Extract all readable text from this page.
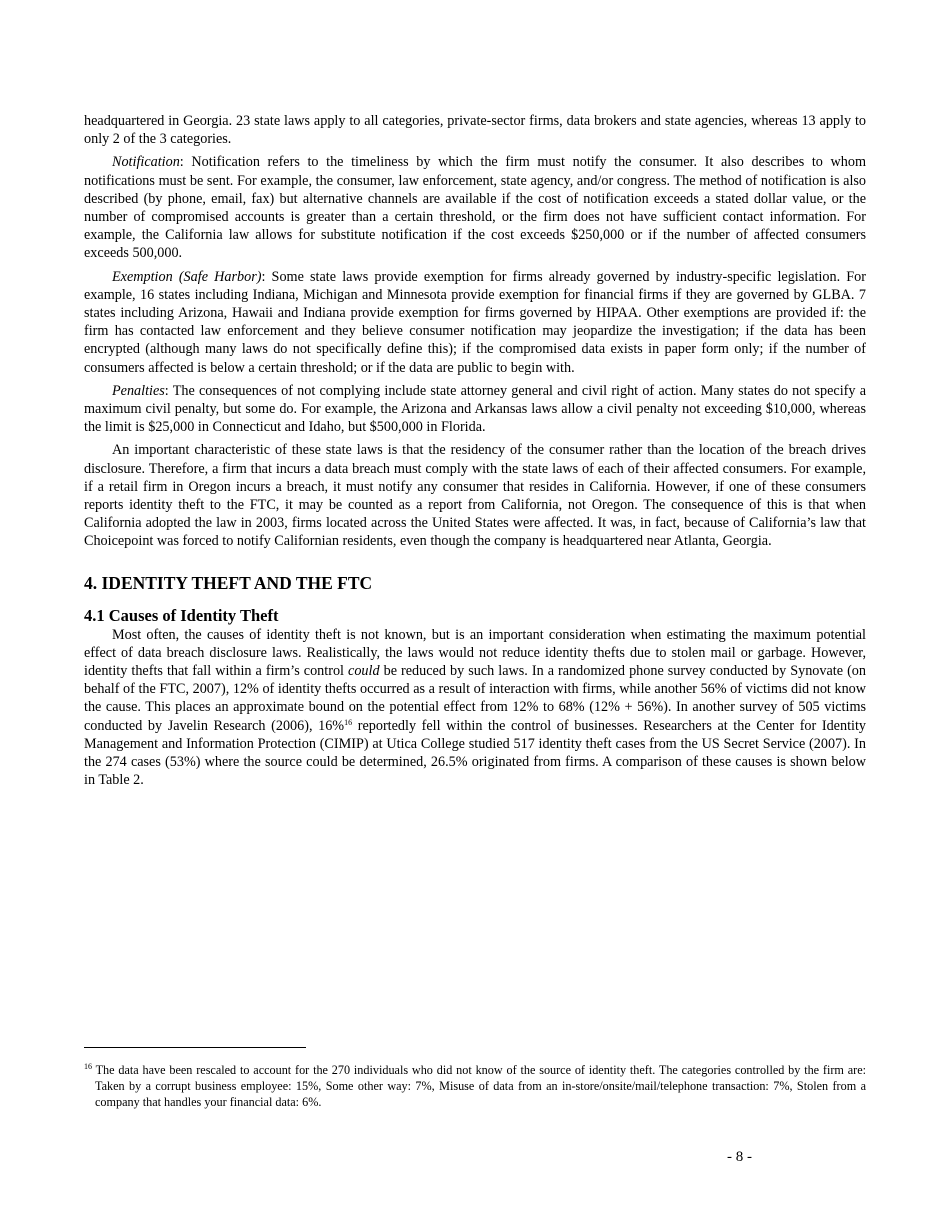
headquartered in Georgia. 23 state laws apply to all categories, private-sector firms, data brokers and state agencies, whereas 13 apply to only 2 of the 3 categories.

Notification: Notification refers to the timeliness by which the firm must notify the consumer. It also describes to whom notifications must be sent. For example, the consumer, law enforcement, state agency, and/or congress. The method of notification is also described (by phone, email, fax) but alternative channels are available if the cost of notification exceeds a stated dollar value, or the number of compromised accounts is greater than a certain threshold, or the firm does not have sufficient contact information. For example, the California law allows for substitute notification if the cost exceeds $250,000 or if the number of affected consumers exceeds 500,000.

Exemption (Safe Harbor): Some state laws provide exemption for firms already governed by industry-specific legislation. For example, 16 states including Indiana, Michigan and Minnesota provide exemption for financial firms if they are governed by GLBA. 7 states including Arizona, Hawaii and Indiana provide exemption for firms governed by HIPAA. Other exemptions are provided if: the firm has contacted law enforcement and they believe consumer notification may jeopardize the investigation; if the data has been encrypted (although many laws do not specifically define this); if the compromised data exists in paper form only; if the number of consumers affected is below a certain threshold; or if the data are public to begin with.

Penalties: The consequences of not complying include state attorney general and civil right of action. Many states do not specify a maximum civil penalty, but some do. For example, the Arizona and Arkansas laws allow a civil penalty not exceeding $10,000, whereas the limit is $25,000 in Connecticut and Idaho, but $500,000 in Florida.

An important characteristic of these state laws is that the residency of the consumer rather than the location of the breach drives disclosure. Therefore, a firm that incurs a data breach must comply with the state laws of each of their affected consumers. For example, if a retail firm in Oregon incurs a breach, it must notify any consumer that resides in California. However, if one of these consumers reports identity theft to the FTC, it may be counted as a report from California, not Oregon. The consequence of this is that when California adopted the law in 2003, firms located across the United States were affected. It was, in fact, because of California’s law that Choicepoint was forced to notify Californian residents, even though the company is headquartered near Atlanta, Georgia.

4. IDENTITY THEFT AND THE FTC
4.1 Causes of Identity Theft

Most often, the causes of identity theft is not known, but is an important consideration when estimating the maximum potential effect of data breach disclosure laws. Realistically, the laws would not reduce identity thefts due to stolen mail or garbage. However, identity thefts that fall within a firm’s control could be reduced by such laws. In a randomized phone survey conducted by Synovate (on behalf of the FTC, 2007), 12% of identity thefts occurred as a result of interaction with firms, while another 56% of victims did not know the cause. This places an approximate bound on the potential effect from 12% to 68% (12% + 56%). In another survey of 505 victims conducted by Javelin Research (2006), 16%$^{16}$ reportedly fell within the control of businesses. Researchers at the Center for Identity Management and Information Protection (CIMIP) at Utica College studied 517 identity theft cases from the US Secret Service (2007). In the 274 cases (53%) where the source could be determined, 26.5% originated from firms. A comparison of these causes is shown below in Table 2.

$^{16}$ The data have been rescaled to account for the 270 individuals who did not know of the source of identity theft. The categories controlled by the firm are: Taken by a corrupt business employee: 15%, Some other way: 7%, Misuse of data from an in-store/onsite/mail/telephone transaction: 7%, Stolen from a company that handles your financial data: 6%.

- 8 -
